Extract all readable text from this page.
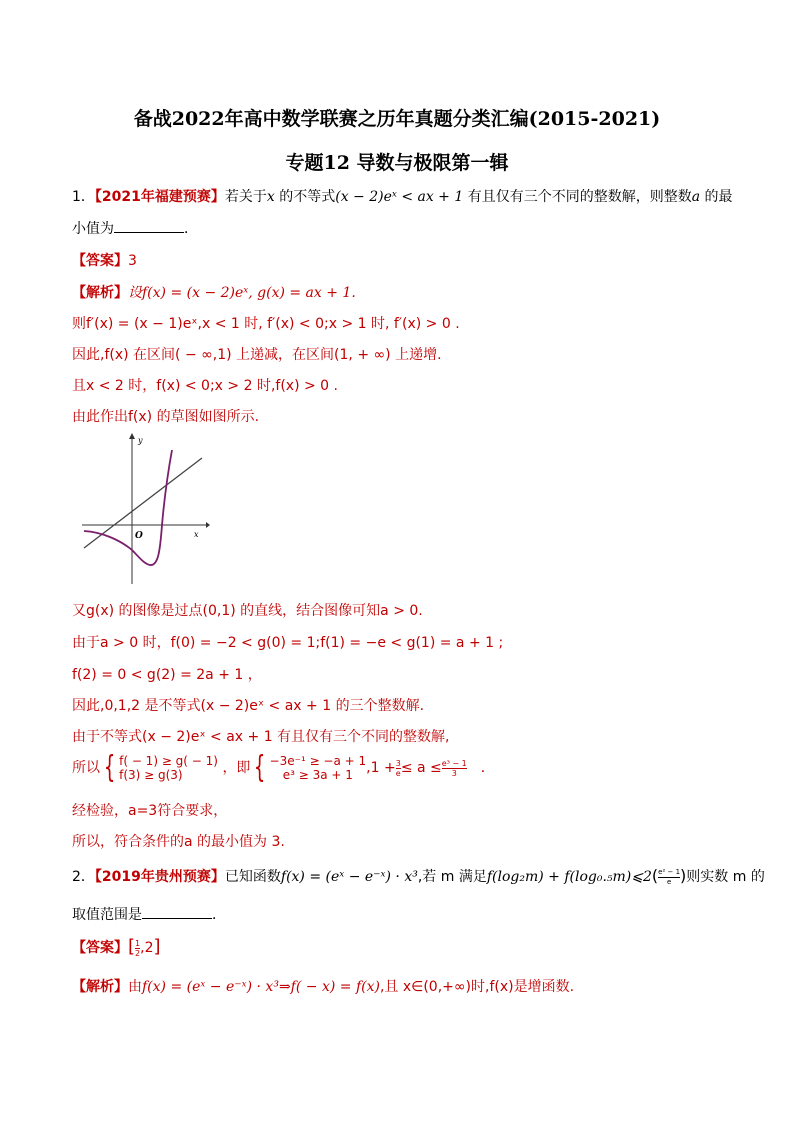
备战2022年高中数学联赛之历年真题分类汇编(2015-2021)
专题12 导数与极限第一辑
1．【2021年福建预赛】若关于x 的不等式(x − 2)eˣ < ax + 1 有且仅有三个不同的整数解，则整数a 的最
小值为	．
【答案】3
【解析】设f(x) = (x − 2)eˣ, g(x) = ax + 1.
则f′(x) = (x − 1)eˣ,x < 1 时, f′(x) < 0;x > 1 时, f′(x) > 0 .
因此,f(x) 在区间( − ∞,1) 上递减，在区间(1, + ∞) 上递增.
且x < 2 时，f(x) < 0;x > 2 时,f(x) > 0 .
由此作出f(x) 的草图如图所示.
y
x
O
又g(x) 的图像是过点(0,1) 的直线，结合图像可知a > 0.
由于a > 0 时，f(0) = −2 < g(0) = 1;f(1) = −e < g(1) = a + 1 ;
f(2) = 0 < g(2) = 2a + 1 ，
因此,0,1,2 是不等式(x − 2)eˣ < ax + 1 的三个整数解.
由于不等式(x − 2)eˣ < ax + 1 有且仅有三个不同的整数解,
所以 { f( − 1) ≥ g( − 1)
f(3) ≥ g(3)	，即 { −3e⁻¹ ≥ −a + 1
e³ ≥ 3a + 1 $,1 + \frac{3}{e} \le a \le \frac{\text{e³ − 1}}{3}$ ．
经检验，a=3符合要求，
所以，符合条件的a 的最小值为 3.
2．【2019年贵州预赛】已知函数f(x) = (eˣ − e⁻ˣ) · x³,若 m 满足f(log₂m) + f(log₀.₅m)⩽2( $\frac{\text{e² − 1}}{e}$ )则实数 m 的
取值范围是	．
【答案】[ $\frac{1}{2} ,2$]
【解析】由f(x) = (eˣ − e⁻ˣ) · x³⇒f( − x) = f(x),且 x∈(0,+∞)时,f(x)是增函数.
